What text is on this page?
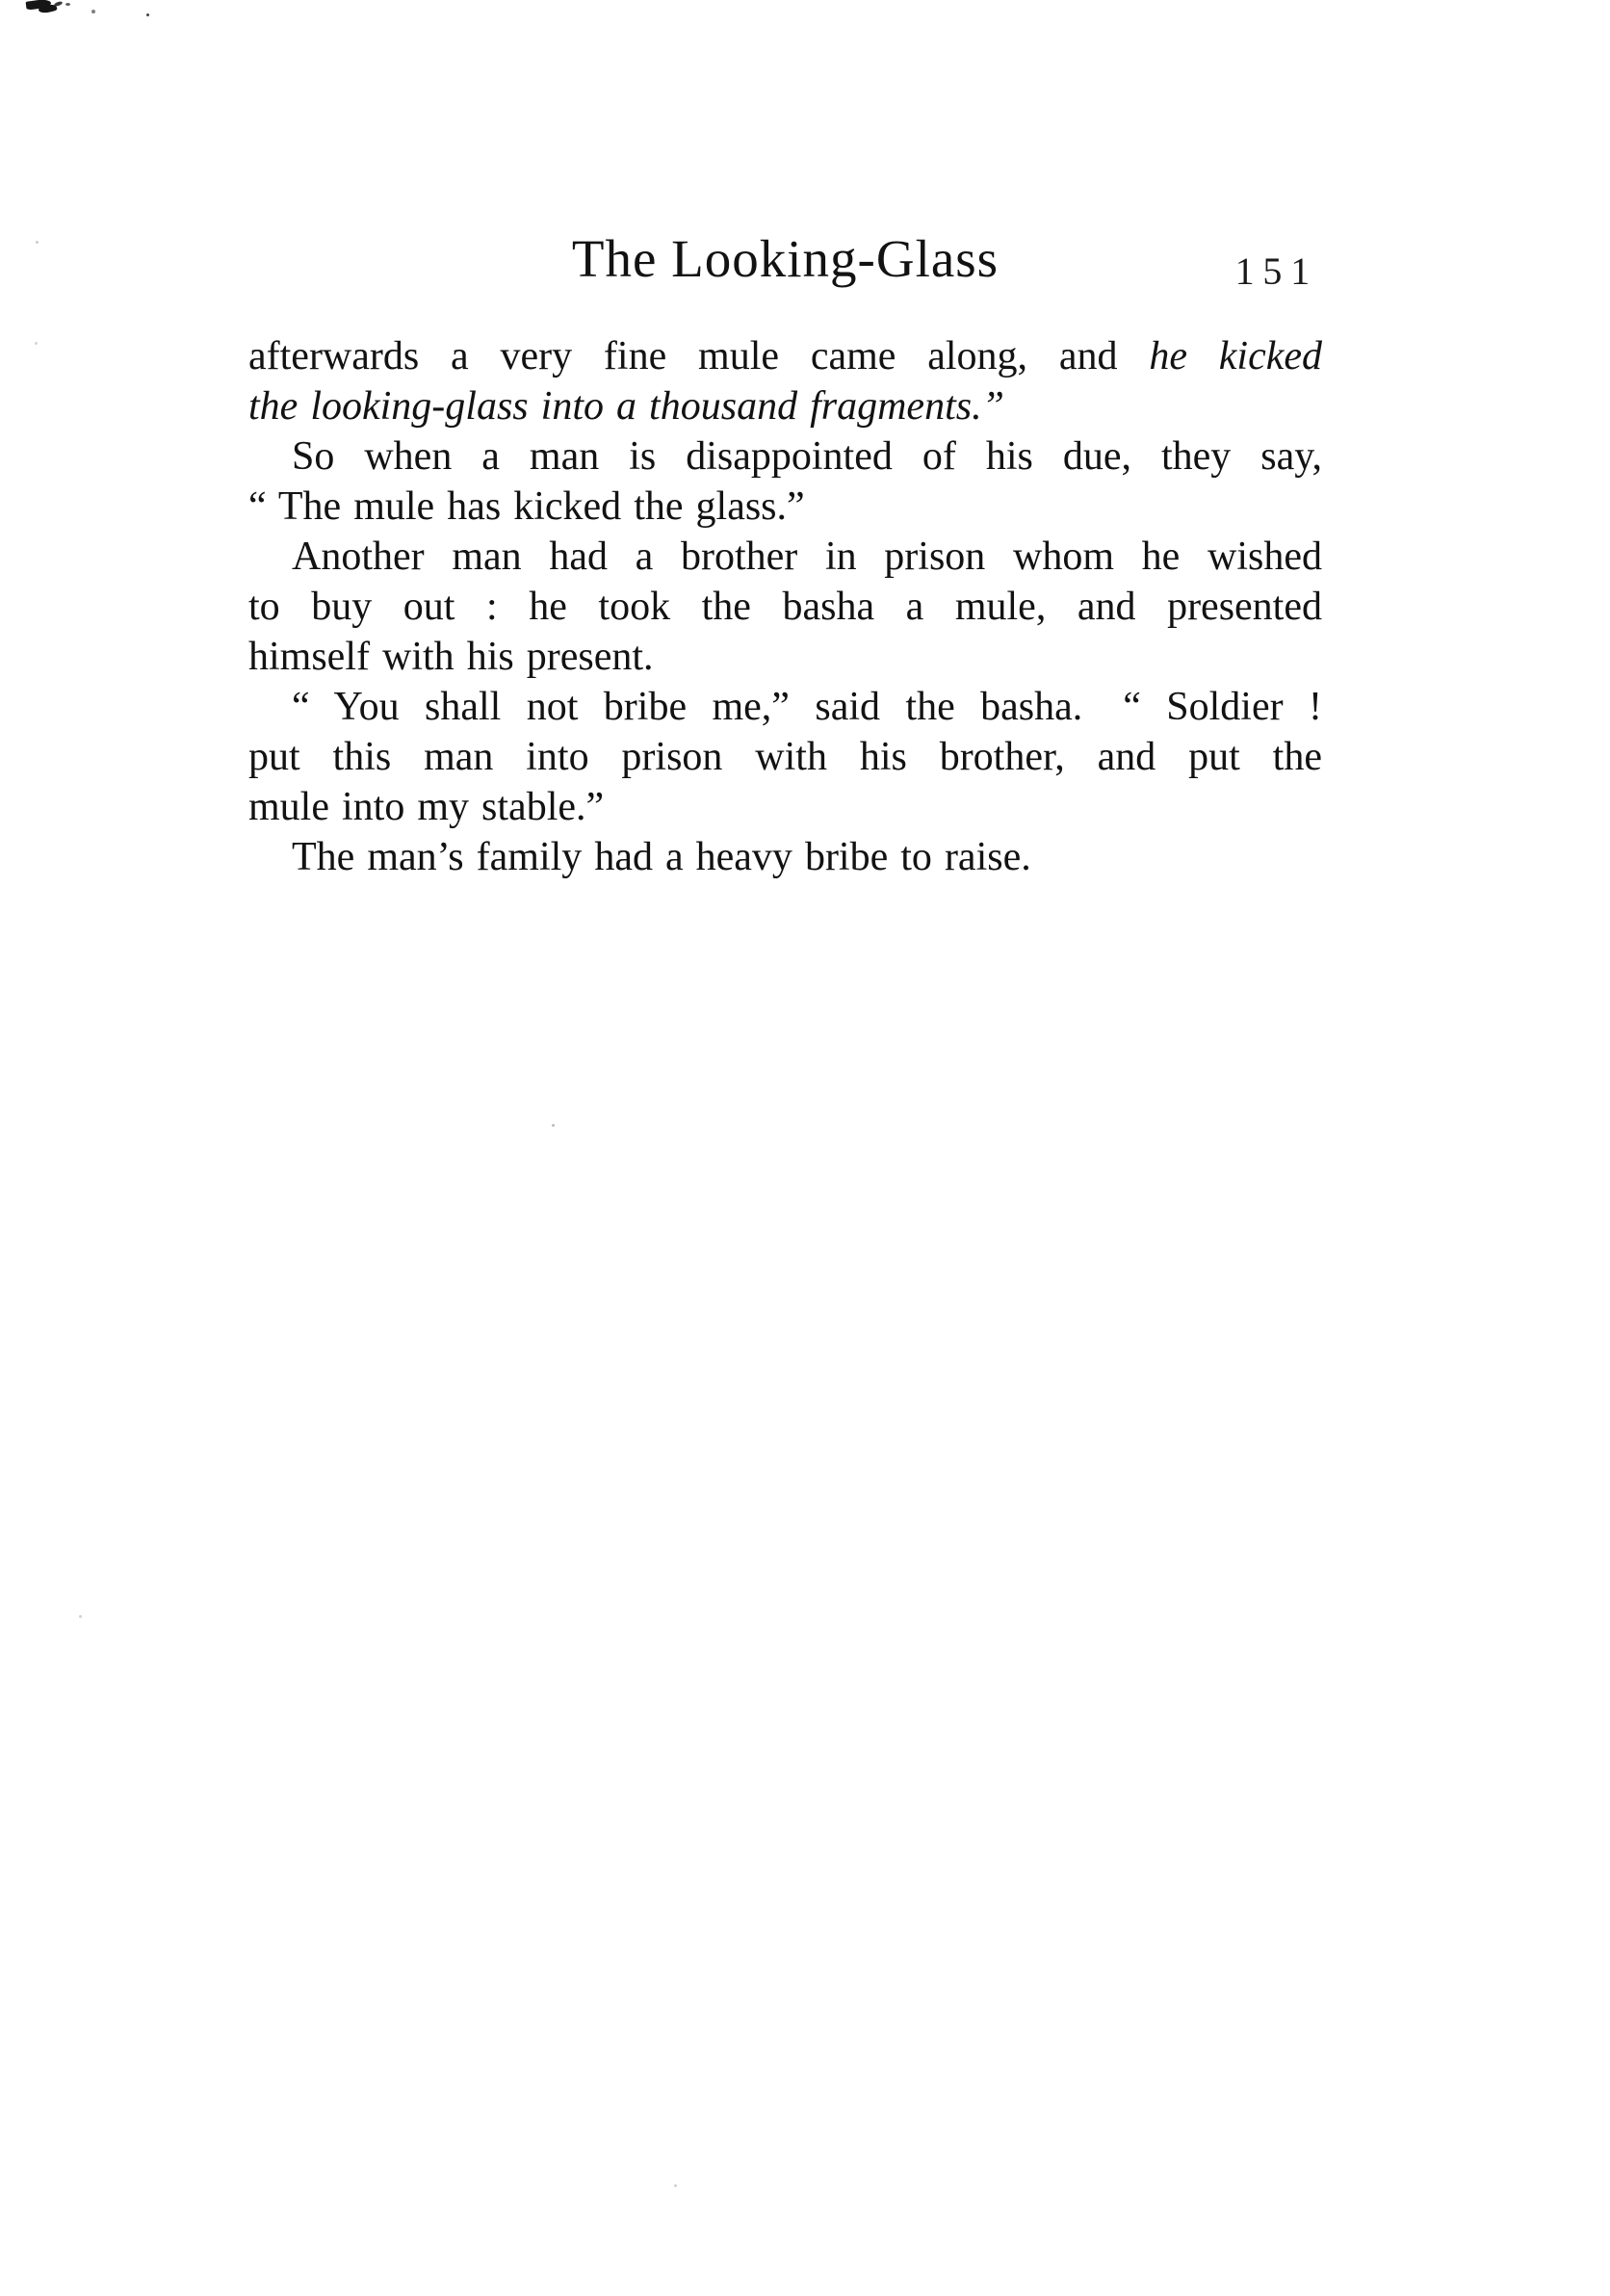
The Looking-Glass	151
afterwards a very fine mule came along, and he kicked
the looking-glass into a thousand fragments.”
So when a man is disappointed of his due, they say,
“ The mule has kicked the glass.”
Another man had a brother in prison whom he wished
to buy out : he took the basha a mule, and presented
himself with his present.
“ You shall not bribe me,” said the basha. “ Soldier !
put this man into prison with his brother, and put the
mule into my stable.”
The man’s family had a heavy bribe to raise.
